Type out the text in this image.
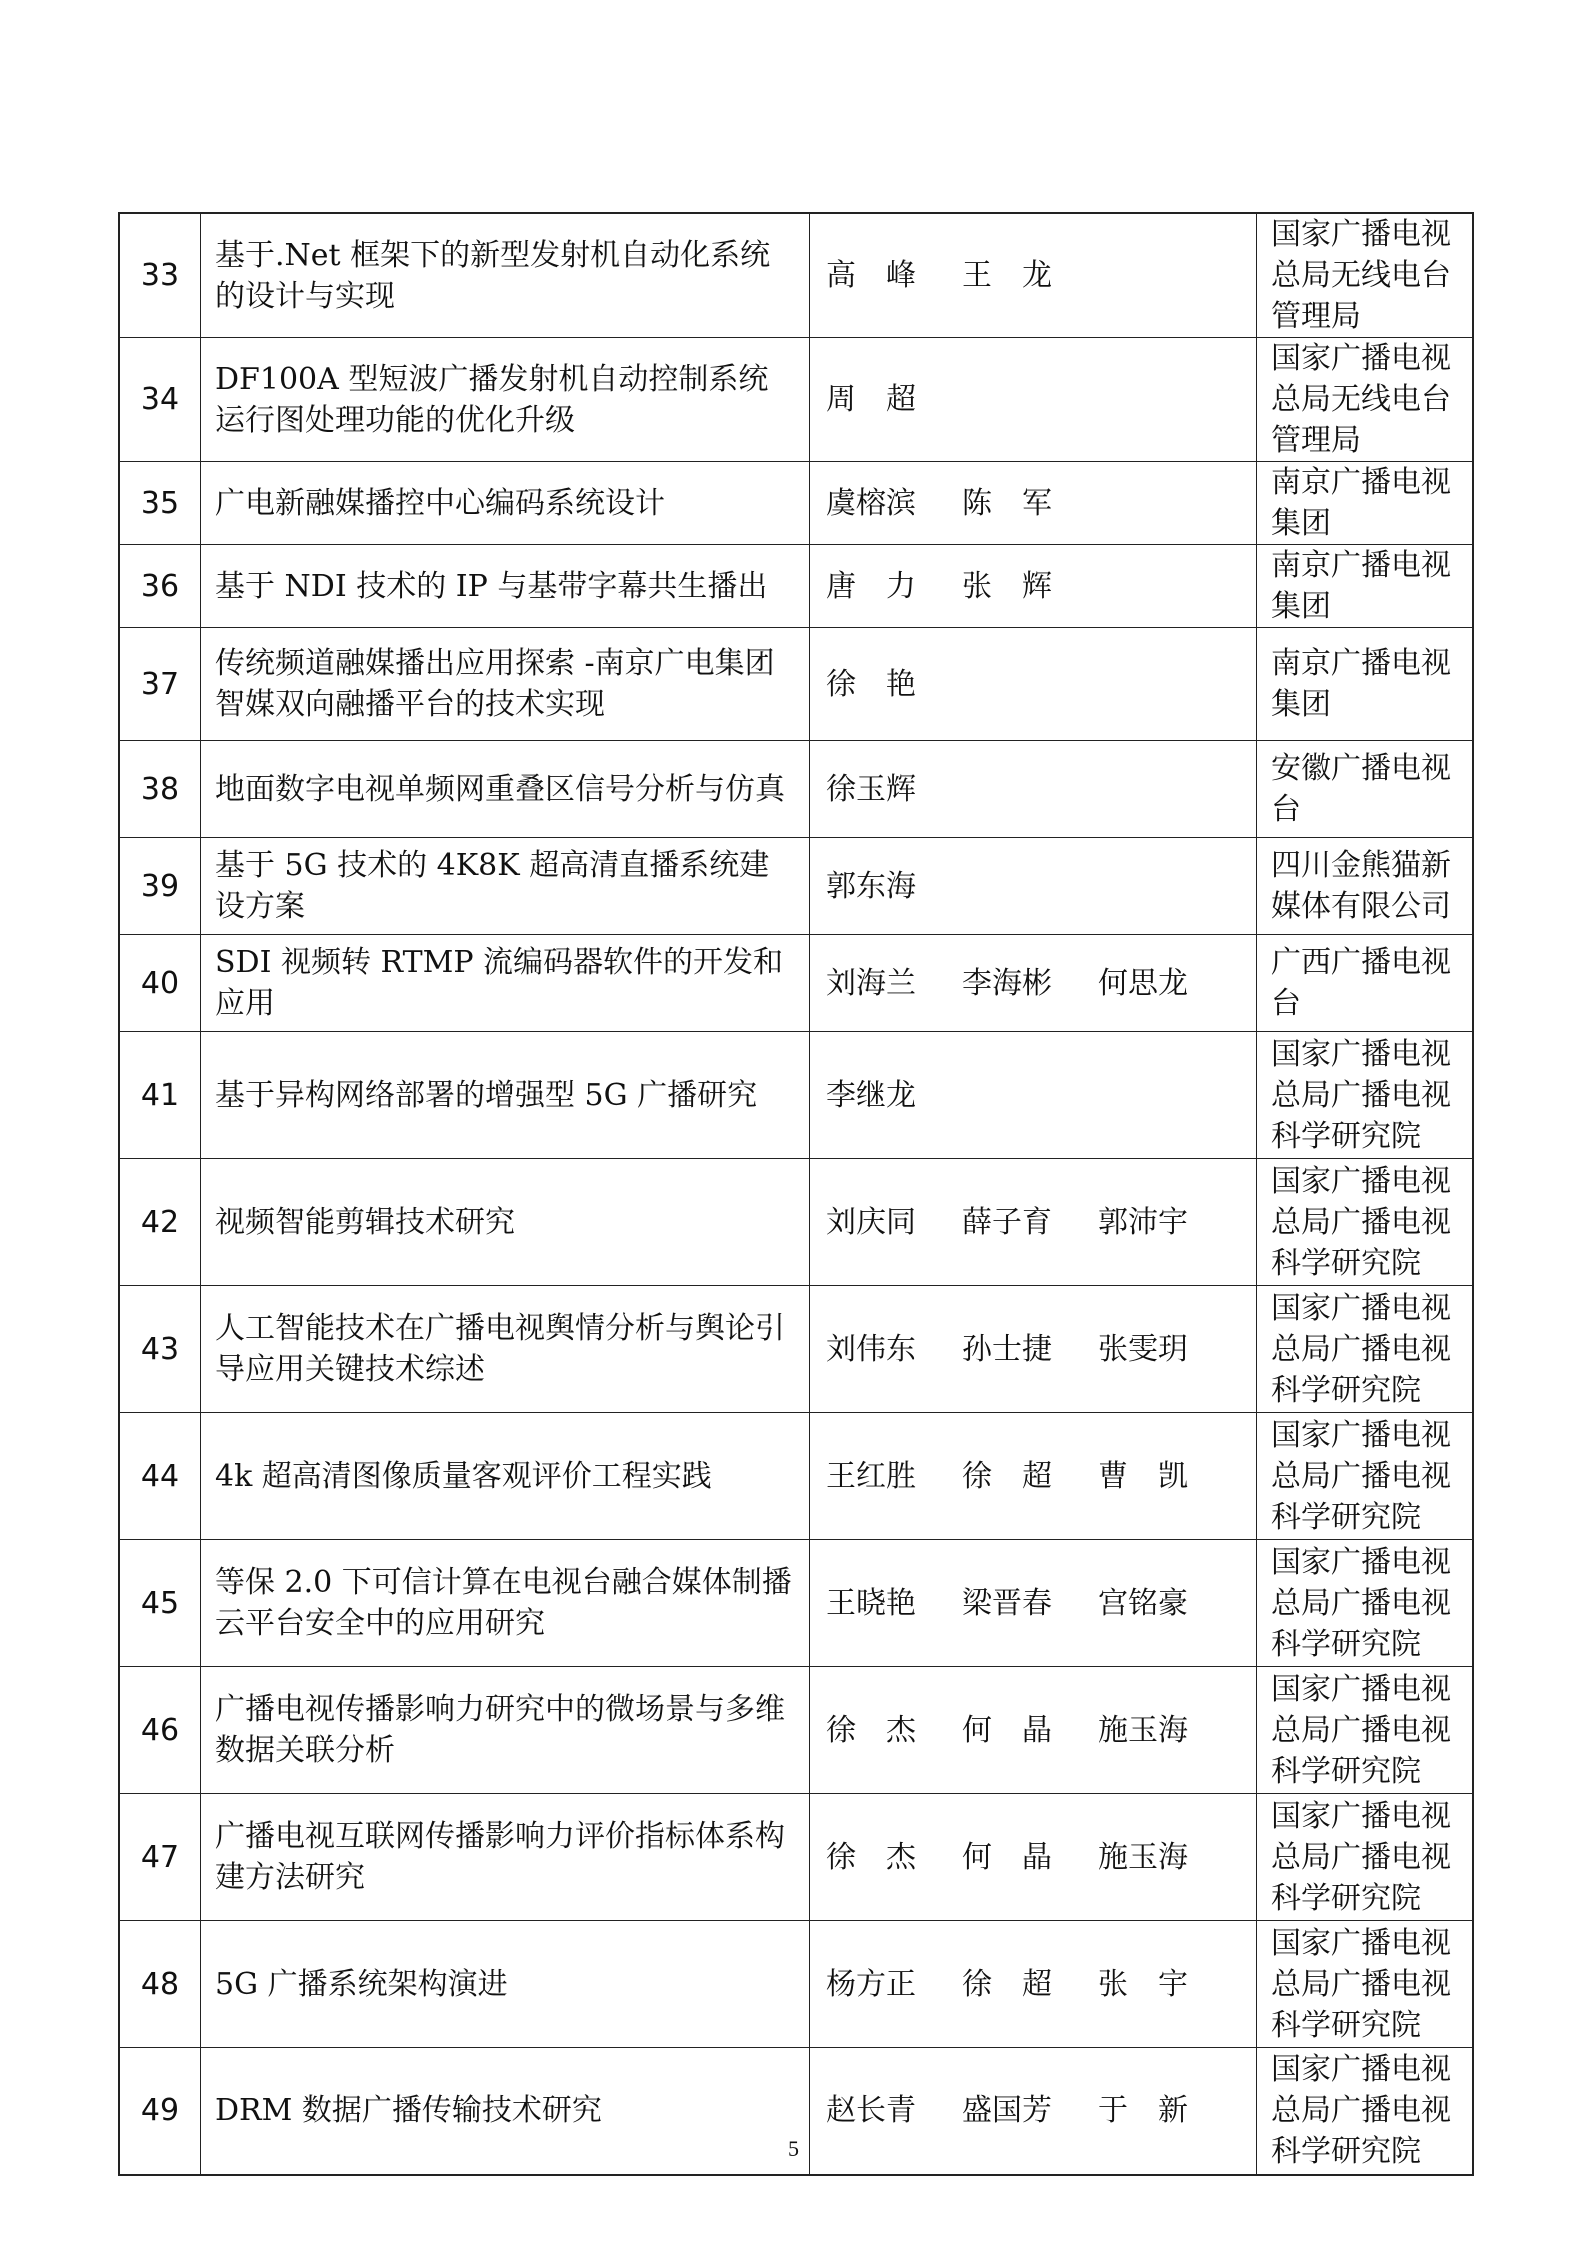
33	基于.Net 框架下的新型发射机自动化系统的设计与实现	高　峰 王　龙	国家广播电视总局无线电台管理局
34	DF100A 型短波广播发射机自动控制系统运行图处理功能的优化升级	周　超	国家广播电视总局无线电台管理局
35	广电新融媒播控中心编码系统设计	虞榕滨 陈　军	南京广播电视集团
36	基于 NDI 技术的 IP 与基带字幕共生播出	唐　力 张　辉	南京广播电视集团
37	传统频道融媒播出应用探索 -南京广电集团智媒双向融播平台的技术实现	徐　艳	南京广播电视集团
38	地面数字电视单频网重叠区信号分析与仿真	徐玉辉	安徽广播电视台
39	基于 5G 技术的 4K8K 超高清直播系统建设方案	郭东海	四川金熊猫新媒体有限公司
40	SDI 视频转 RTMP 流编码器软件的开发和应用	刘海兰 李海彬 何思龙	广西广播电视台
41	基于异构网络部署的增强型 5G 广播研究	李继龙	国家广播电视总局广播电视科学研究院
42	视频智能剪辑技术研究	刘庆同 薛子育 郭沛宇	国家广播电视总局广播电视科学研究院
43	人工智能技术在广播电视舆情分析与舆论引导应用关键技术综述	刘伟东 孙士捷 张雯玥	国家广播电视总局广播电视科学研究院
44	4k 超高清图像质量客观评价工程实践	王红胜 徐　超 曹　凯	国家广播电视总局广播电视科学研究院
45	等保 2.0 下可信计算在电视台融合媒体制播云平台安全中的应用研究	王晓艳 梁晋春 宫铭豪	国家广播电视总局广播电视科学研究院
46	广播电视传播影响力研究中的微场景与多维数据关联分析	徐　杰 何　晶 施玉海	国家广播电视总局广播电视科学研究院
47	广播电视互联网传播影响力评价指标体系构建方法研究	徐　杰 何　晶 施玉海	国家广播电视总局广播电视科学研究院
48	5G 广播系统架构演进	杨方正 徐　超 张　宇	国家广播电视总局广播电视科学研究院
49	DRM 数据广播传输技术研究	赵长青 盛国芳 于　新	国家广播电视总局广播电视科学研究院
5
